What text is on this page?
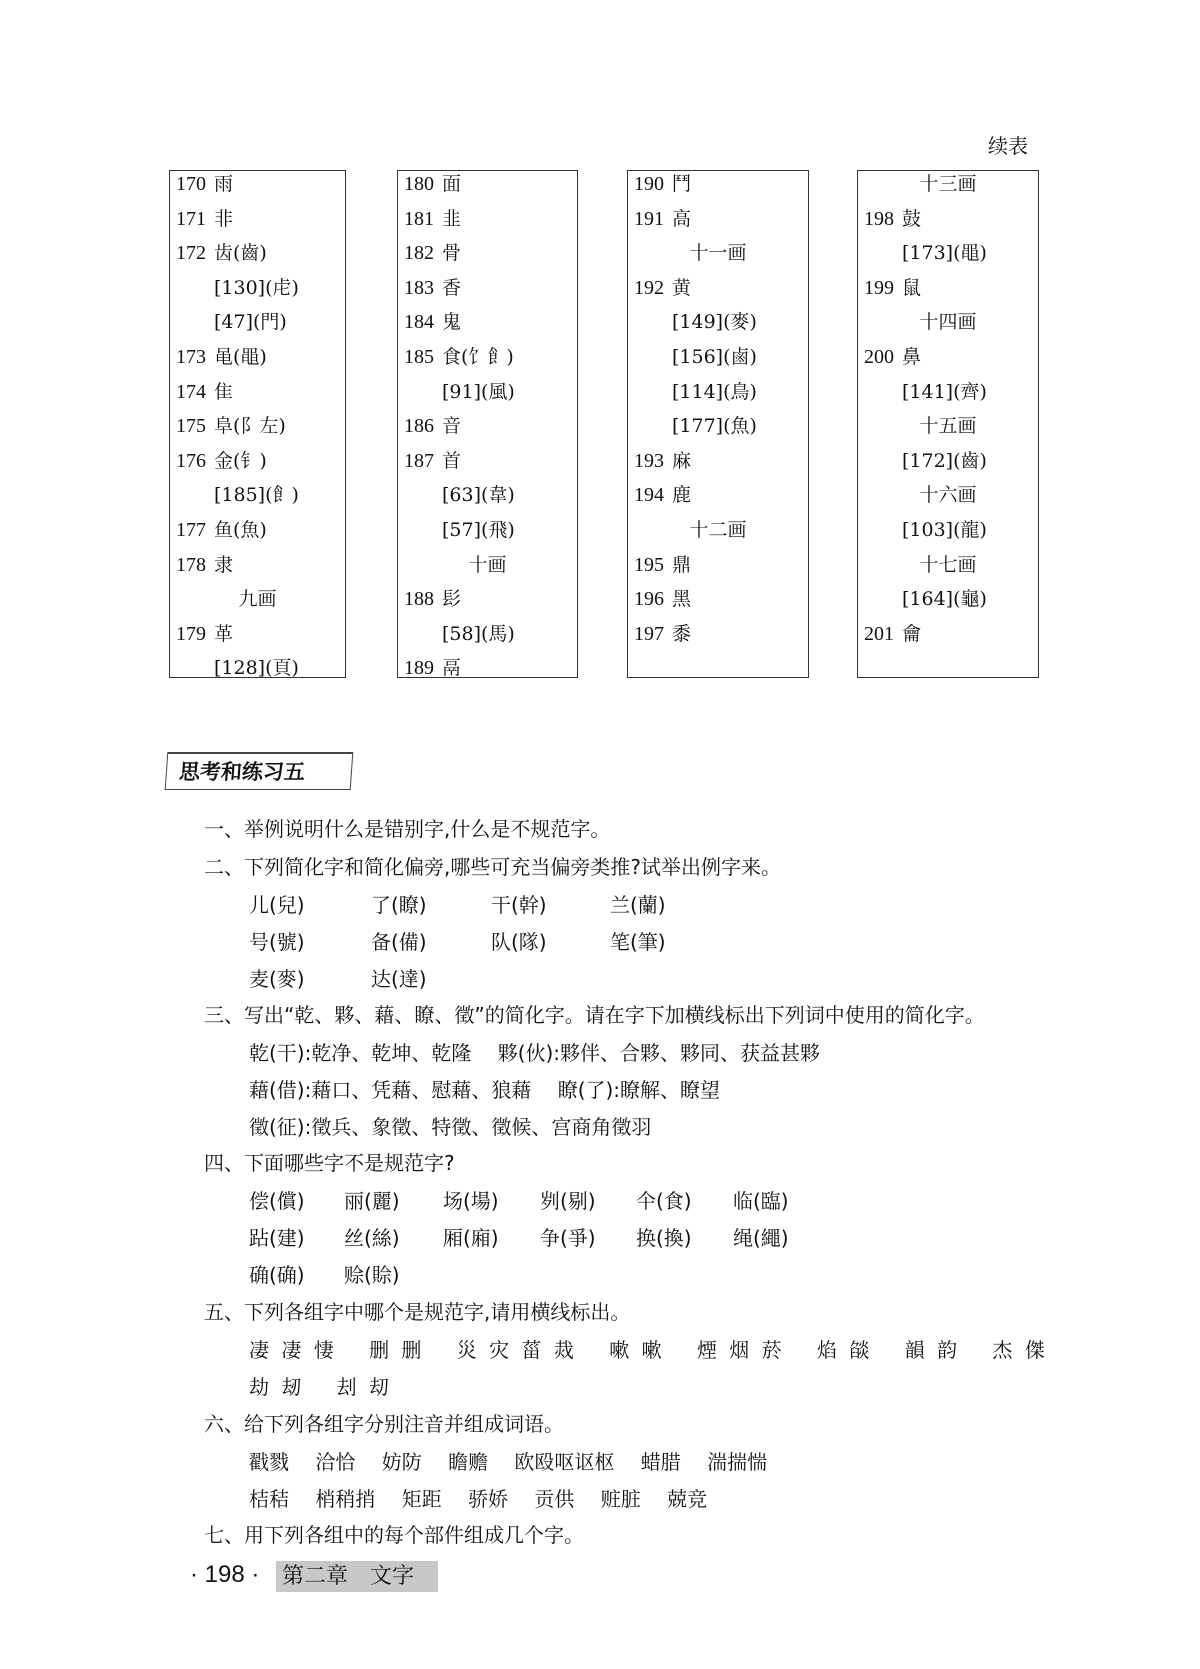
续表
170 雨
171 非
172 齿(齒)
[130](虍)
[47](門)
173 黾(黽)
174 隹
175 阜(阝左)
176 金(钅)
[185](飠)
177 鱼(魚)
178 隶
九画
179 革
[128](頁)
180 面
181 韭
182 骨
183 香
184 鬼
185 食(饣飠)
[91](風)
186 音
187 首
[63](韋)
[57](飛)
十画
188 髟
[58](馬)
189 鬲
190 鬥
191 高
十一画
192 黄
[149](麥)
[156](鹵)
[114](鳥)
[177](魚)
193 麻
194 鹿
十二画
195 鼎
196 黑
197 黍
十三画
198 鼓
[173](黽)
199 鼠
十四画
200 鼻
[141](齊)
十五画
[172](齒)
十六画
[103](龍)
十七画
[164](龜)
201 龠
思考和练习五
一、举例说明什么是错别字,什么是不规范字。
二、下列简化字和简化偏旁,哪些可充当偏旁类推?试举出例字来。
儿(兒)	了(瞭)	干(幹)	兰(蘭)
号(號)	备(備)	队(隊)	笔(筆)
麦(麥)	达(達)
三、写出“乾、夥、藉、瞭、徵”的简化字。请在字下加横线标出下列词中使用的简化字。
乾(干):乾净、乾坤、乾隆　 夥(伙):夥伴、合夥、夥同、获益甚夥
藉(借):藉口、凭藉、慰藉、狼藉　 瞭(了):瞭解、瞭望
徵(征):徵兵、象徵、特徵、徵候、宫商角徵羽
四、下面哪些字不是规范字?
偿(償) 丽(麗) 场(場) 刿(剔) 仐(食) 临(臨)
跕(建) 丝(絲) 厢(廂) 争(爭) 换(換) 绳(繩)
确(确) 赊(賒)
五、下列各组字中哪个是规范字,请用横线标出。
凄 凄 悽　 删 删　 災 灾 菑 烖　 嗽 嗽　 煙 烟 菸　 焰 燄　 韻 韵　 杰 傑
劫 刼　 刦 刧
六、给下列各组字分别注音并组成词语。
戳戮　 洽恰　 妨防　 瞻赡　 欧殴呕讴枢　 蜡腊　 湍揣惴
桔秸　 梢稍捎　 矩距　 骄娇　 贡供　 赃脏　 兢竞
七、用下列各组中的每个部件组成几个字。
· 198 · 第二章　文字
